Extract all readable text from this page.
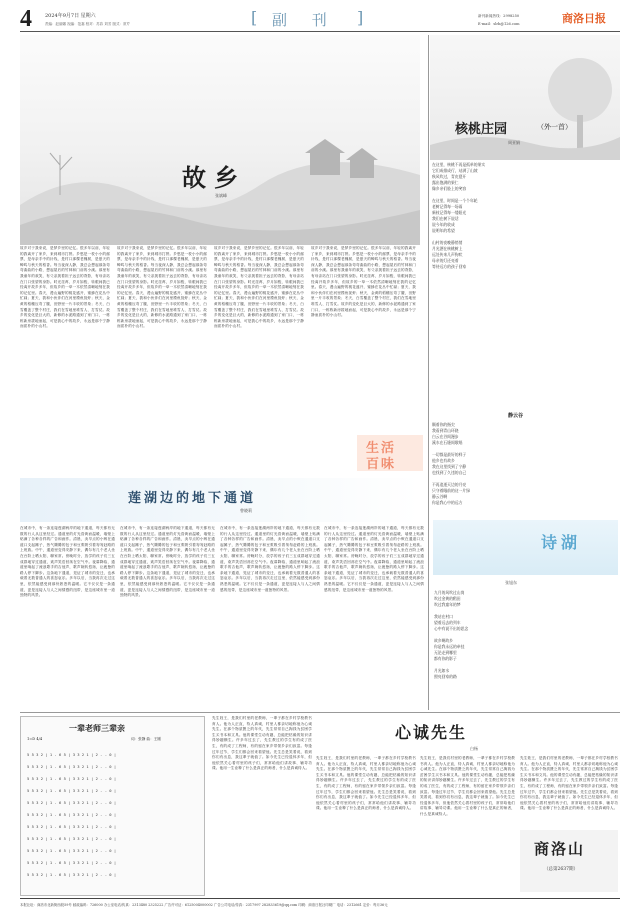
4	2024年9月7日 星期六
责编：赵丽娜 视编：范嘉 校对：苏彩 刘芳 版式：常芹	副 刊
[	]	新刊新闻热线：2998250
E-mail：slrb@126.com	商洛日报
故乡
张斌峰
故乡对于我来说，是梦乡里的记忆。很多年以前，年轻的我离开了家乡，来到城市打拼。乡愁是一枚小小的邮票，是母亲手中的针线，是村口那棵老槐树，是夏天的蝉鸣与秋天的稻香。每当夜深人静，我总会想起那条弯弯曲曲的小路，想起屋后的竹林和门前的小溪。那里有我童年的欢笑，有父亲挑着担子远去的背影，有母亲站在门口张望的身影。时光荏苒，岁月如梭，转眼间我已经离开故乡多年，但故乡的一草一木依然清晰地刻在我的记忆里。春天，漫山遍野的桃花盛开，蜜蜂在花丛中忙碌；夏天，我和小伙伴们在河里摸鱼捉虾；秋天，金黄的稻穗压弯了腰，田野里一片丰收的景象；冬天，白雪覆盖了整个村庄，我们在雪地里堆雪人、打雪仗。故乡的变化是巨大的，新修的水泥路通到了家门口，一栋栋新房拔地而起，可是我心中的故乡，永远是那个宁静而质朴的小山村。
故乡对于我来说，是梦乡里的记忆。很多年以前，年轻的我离开了家乡，来到城市打拼。乡愁是一枚小小的邮票，是母亲手中的针线，是村口那棵老槐树，是夏天的蝉鸣与秋天的稻香。每当夜深人静，我总会想起那条弯弯曲曲的小路，想起屋后的竹林和门前的小溪。那里有我童年的欢笑，有父亲挑着担子远去的背影，有母亲站在门口张望的身影。时光荏苒，岁月如梭，转眼间我已经离开故乡多年，但故乡的一草一木依然清晰地刻在我的记忆里。春天，漫山遍野的桃花盛开，蜜蜂在花丛中忙碌；夏天，我和小伙伴们在河里摸鱼捉虾；秋天，金黄的稻穗压弯了腰，田野里一片丰收的景象；冬天，白雪覆盖了整个村庄，我们在雪地里堆雪人、打雪仗。故乡的变化是巨大的，新修的水泥路通到了家门口，一栋栋新房拔地而起，可是我心中的故乡，永远是那个宁静而质朴的小山村。
故乡对于我来说，是梦乡里的记忆。很多年以前，年轻的我离开了家乡，来到城市打拼。乡愁是一枚小小的邮票，是母亲手中的针线，是村口那棵老槐树，是夏天的蝉鸣与秋天的稻香。每当夜深人静，我总会想起那条弯弯曲曲的小路，想起屋后的竹林和门前的小溪。那里有我童年的欢笑，有父亲挑着担子远去的背影，有母亲站在门口张望的身影。时光荏苒，岁月如梭，转眼间我已经离开故乡多年，但故乡的一草一木依然清晰地刻在我的记忆里。春天，漫山遍野的桃花盛开，蜜蜂在花丛中忙碌；夏天，我和小伙伴们在河里摸鱼捉虾；秋天，金黄的稻穗压弯了腰，田野里一片丰收的景象；冬天，白雪覆盖了整个村庄，我们在雪地里堆雪人、打雪仗。故乡的变化是巨大的，新修的水泥路通到了家门口，一栋栋新房拔地而起，可是我心中的故乡，永远是那个宁静而质朴的小山村。
故乡对于我来说，是梦乡里的记忆。很多年以前，年轻的我离开了家乡，来到城市打拼。乡愁是一枚小小的邮票，是母亲手中的针线，是村口那棵老槐树，是夏天的蝉鸣与秋天的稻香。每当夜深人静，我总会想起那条弯弯曲曲的小路，想起屋后的竹林和门前的小溪。那里有我童年的欢笑，有父亲挑着担子远去的背影，有母亲站在门口张望的身影。时光荏苒，岁月如梭，转眼间我已经离开故乡多年，但故乡的一草一木依然清晰地刻在我的记忆里。春天，漫山遍野的桃花盛开，蜜蜂在花丛中忙碌；夏天，我和小伙伴们在河里摸鱼捉虾；秋天，金黄的稻穗压弯了腰，田野里一片丰收的景象；冬天，白雪覆盖了整个村庄，我们在雪地里堆雪人、打雪仗。故乡的变化是巨大的，新修的水泥路通到了家门口，一栋栋新房拔地而起，可是我心中的故乡，永远是那个宁静而质朴的小山村。
核桃庄园	（外一首）
周亚娟
在这里，核桃不再是孤单的果实
它们成排成行，站满了山坡
秋风吹过，青皮裂开
露出饱满的果仁
像乡亲们脸上的笑容

在这里，时间是一个个年轮
老树记得每一场雨
新枝记得每一缕阳光
我们在树下说话
说今年的收成
说明年的希望

山村的夜晚静悄悄
月光洒在核桃树上
远处传来几声狗吠
母亲的灯还亮着
等待远方的孩子回家
静云谷
顺着你的指尖
我看到青山环绕
白云在谷间漫步
溪水在石缝间歌唱

一切都是最好的样子
他乡也有故乡
我在这里找到了宁静
也找到了久违的自己

不再追逐天边的月亮
只守着眼前的这一片绿
静云谷啊
你是我心中的远方
生活
百味
莲湖边的地下通道
曾晓莉
在城市中，有一条连接莲湖两岸的地下通道，每天都有无数的行人从这里经过。通道里的灯光昏黄而温暖，墙壁上贴满了各种各样的广告和画作。清晨，卖早点的小贩在通道口支起摊子，热气腾腾的包子和豆浆吸引着匆匆赶路的上班族。中午，通道里变得安静下来，偶尔有几个老人坐在台阶上晒太阳、聊家常。傍晚时分，放学的孩子们三五成群地穿过通道，欢声笑语回荡在空气中。夜幕降临，通道里响起了流浪歌手的吉他声，歌声婉转悠扬，让疲惫的路人停下脚步。这条地下通道，见证了城市的变迁，也承载着无数普通人的喜怒哀乐。多年以后，当我再次走过这里，依然能感受到那份熟悉的温暖。它不仅仅是一条通道，更是连接人与人之间情感的纽带，是这座城市里一道独特的风景。
在城市中，有一条连接莲湖两岸的地下通道，每天都有无数的行人从这里经过。通道里的灯光昏黄而温暖，墙壁上贴满了各种各样的广告和画作。清晨，卖早点的小贩在通道口支起摊子，热气腾腾的包子和豆浆吸引着匆匆赶路的上班族。中午，通道里变得安静下来，偶尔有几个老人坐在台阶上晒太阳、聊家常。傍晚时分，放学的孩子们三五成群地穿过通道，欢声笑语回荡在空气中。夜幕降临，通道里响起了流浪歌手的吉他声，歌声婉转悠扬，让疲惫的路人停下脚步。这条地下通道，见证了城市的变迁，也承载着无数普通人的喜怒哀乐。多年以后，当我再次走过这里，依然能感受到那份熟悉的温暖。它不仅仅是一条通道，更是连接人与人之间情感的纽带，是这座城市里一道独特的风景。
在城市中，有一条连接莲湖两岸的地下通道，每天都有无数的行人从这里经过。通道里的灯光昏黄而温暖，墙壁上贴满了各种各样的广告和画作。清晨，卖早点的小贩在通道口支起摊子，热气腾腾的包子和豆浆吸引着匆匆赶路的上班族。中午，通道里变得安静下来，偶尔有几个老人坐在台阶上晒太阳、聊家常。傍晚时分，放学的孩子们三五成群地穿过通道，欢声笑语回荡在空气中。夜幕降临，通道里响起了流浪歌手的吉他声，歌声婉转悠扬，让疲惫的路人停下脚步。这条地下通道，见证了城市的变迁，也承载着无数普通人的喜怒哀乐。多年以后，当我再次走过这里，依然能感受到那份熟悉的温暖。它不仅仅是一条通道，更是连接人与人之间情感的纽带，是这座城市里一道独特的风景。
在城市中，有一条连接莲湖两岸的地下通道，每天都有无数的行人从这里经过。通道里的灯光昏黄而温暖，墙壁上贴满了各种各样的广告和画作。清晨，卖早点的小贩在通道口支起摊子，热气腾腾的包子和豆浆吸引着匆匆赶路的上班族。中午，通道里变得安静下来，偶尔有几个老人坐在台阶上晒太阳、聊家常。傍晚时分，放学的孩子们三五成群地穿过通道，欢声笑语回荡在空气中。夜幕降临，通道里响起了流浪歌手的吉他声，歌声婉转悠扬，让疲惫的路人停下脚步。这条地下通道，见证了城市的变迁，也承载着无数普通人的喜怒哀乐。多年以后，当我再次走过这里，依然能感受到那份熟悉的温暖。它不仅仅是一条通道，更是连接人与人之间情感的纽带，是这座城市里一道独特的风景。
诗湖
张旭东
九月的风吹过山岗
吹过金黄的稻田
吹过我童年的梦

我站在村口
望着远去的列车
心中有说不出的思念

故乡啊故乡
你是我永远的牵挂
无论走到哪里
都有你的影子

月光如水
照亮回家的路
一辈老师三辈亲
1=D 4/4	词：张静 曲：王刚
5 5 3 2 | 1 - 6 5 | 3 3 2 1 | 2 - - 0 |
5 5 3 2 | 1 - 6 5 | 3 3 2 1 | 2 - - 0 |
5 5 3 2 | 1 - 6 5 | 3 3 2 1 | 2 - - 0 |
5 5 3 2 | 1 - 6 5 | 3 3 2 1 | 2 - - 0 |
5 5 3 2 | 1 - 6 5 | 3 3 2 1 | 2 - - 0 |
5 5 3 2 | 1 - 6 5 | 3 3 2 1 | 2 - - 0 |
5 5 3 2 | 1 - 6 5 | 3 3 2 1 | 2 - - 0 |
5 5 3 2 | 1 - 6 5 | 3 3 2 1 | 2 - - 0 |
5 5 3 2 | 1 - 6 5 | 3 3 2 1 | 2 - - 0 |
5 5 3 2 | 1 - 6 5 | 3 3 2 1 | 2 - - 0 |
5 5 3 2 | 1 - 6 5 | 3 3 2 1 | 2 - - 0 |
先生姓王，是我们村里的老教师，一辈子都在乡村学校教书育人。他为人正直，待人真诚，村里人都亲切地称他为心诚先生。在那个物质匮乏的年代，先生常常自己掏钱为贫困学生买书本和文具。他的课堂生动有趣，总能把枯燥的知识讲得妙趣横生。许多年过去了，先生教过的学生有的成了医生，有的成了工程师，有的留在家乡带领乡亲们致富。每逢过年过节，学生们都会回来看望他。先生总是笑着说，看到你们有出息，我这辈子就值了。如今先生已经退休多年，但他依然关心着村里的孩子们，常常给他们讲故事、辅导功课。他用一生诠释了什么是真正的师者，什么是真诚待人。
心诚先生
白杨
先生姓王，是我们村里的老教师，一辈子都在乡村学校教书育人。他为人正直，待人真诚，村里人都亲切地称他为心诚先生。在那个物质匮乏的年代，先生常常自己掏钱为贫困学生买书本和文具。他的课堂生动有趣，总能把枯燥的知识讲得妙趣横生。许多年过去了，先生教过的学生有的成了医生，有的成了工程师，有的留在家乡带领乡亲们致富。每逢过年过节，学生们都会回来看望他。先生总是笑着说，看到你们有出息，我这辈子就值了。如今先生已经退休多年，但他依然关心着村里的孩子们，常常给他们讲故事、辅导功课。他用一生诠释了什么是真正的师者，什么是真诚待人。
先生姓王，是我们村里的老教师，一辈子都在乡村学校教书育人。他为人正直，待人真诚，村里人都亲切地称他为心诚先生。在那个物质匮乏的年代，先生常常自己掏钱为贫困学生买书本和文具。他的课堂生动有趣，总能把枯燥的知识讲得妙趣横生。许多年过去了，先生教过的学生有的成了医生，有的成了工程师，有的留在家乡带领乡亲们致富。每逢过年过节，学生们都会回来看望他。先生总是笑着说，看到你们有出息，我这辈子就值了。如今先生已经退休多年，但他依然关心着村里的孩子们，常常给他们讲故事、辅导功课。他用一生诠释了什么是真正的师者，什么是真诚待人。
先生姓王，是我们村里的老教师，一辈子都在乡村学校教书育人。他为人正直，待人真诚，村里人都亲切地称他为心诚先生。在那个物质匮乏的年代，先生常常自己掏钱为贫困学生买书本和文具。他的课堂生动有趣，总能把枯燥的知识讲得妙趣横生。许多年过去了，先生教过的学生有的成了医生，有的成了工程师，有的留在家乡带领乡亲们致富。每逢过年过节，学生们都会回来看望他。先生总是笑着说，看到你们有出息，我这辈子就值了。如今先生已经退休多年，但他依然关心着村里的孩子们，常常给他们讲故事、辅导功课。他用一生诠释了什么是真正的师者，什么是真诚待人。
商洛山
（总第2637期）
本报社址：商洛市北新街西段59号 邮政编码：726000 办公室电话/传真：2313480 2325222 广告许可证：6125004000002 广告公司电话/传真：2317997 282833619@qq.com 印刷：商洛日报社印刷厂 电话：2312661 定价：每月36元
